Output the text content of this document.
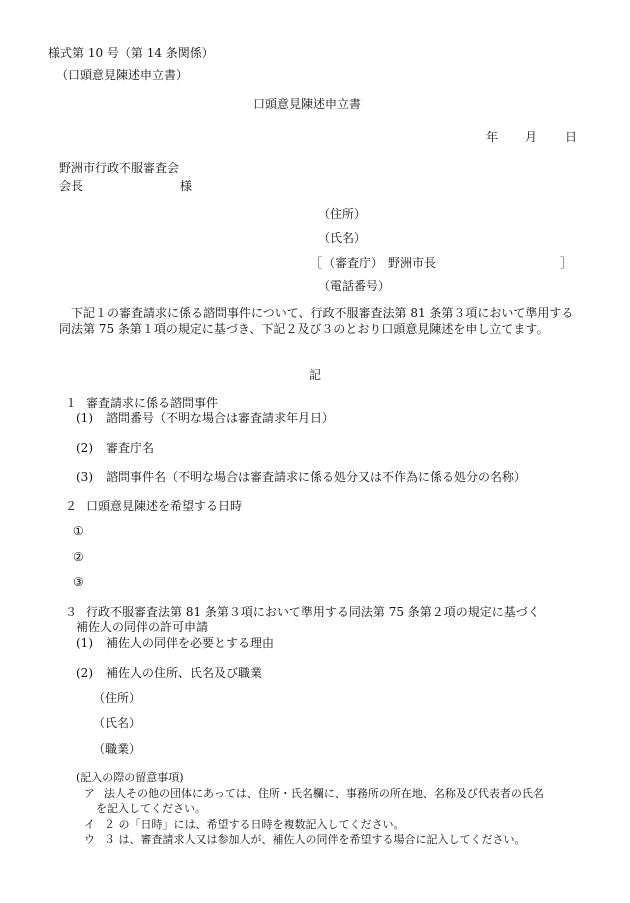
様式第 10 号（第 14 条関係）
（口頭意見陳述申立書）
口頭意見陳述申立書
年 月 日
野洲市行政不服審査会
会長	様
（住所）
（氏名）
［ （審査庁） 野洲市長	］
（電話番号）
下記１の審査請求に係る諮問事件について、行政不服審査法第 81 条第３項において準用する同法第 75 条第１項の規定に基づき、下記２及び３のとおり口頭意見陳述を申し立てます。
記
１ 審査請求に係る諮問事件
(1) 諮問番号（不明な場合は審査請求年月日）
(2) 審査庁名
(3) 諮問事件名（不明な場合は審査請求に係る処分又は不作為に係る処分の名称）
２ 口頭意見陳述を希望する日時
①
②
③
３ 行政不服審査法第 81 条第３項において準用する同法第 75 条第２項の規定に基づく
補佐人の同伴の許可申請
(1) 補佐人の同伴を必要とする理由
(2) 補佐人の住所、氏名及び職業
（住所）
（氏名）
（職業）
(記入の際の留意事項)
ア 法人その他の団体にあっては、住所・氏名欄に、事務所の所在地、名称及び代表者の氏名
を記入してください。
イ ２ の「日時」には、希望する日時を複数記入してください。
ウ ３ は、審査請求人又は参加人が、補佐人の同伴を希望する場合に記入してください。
